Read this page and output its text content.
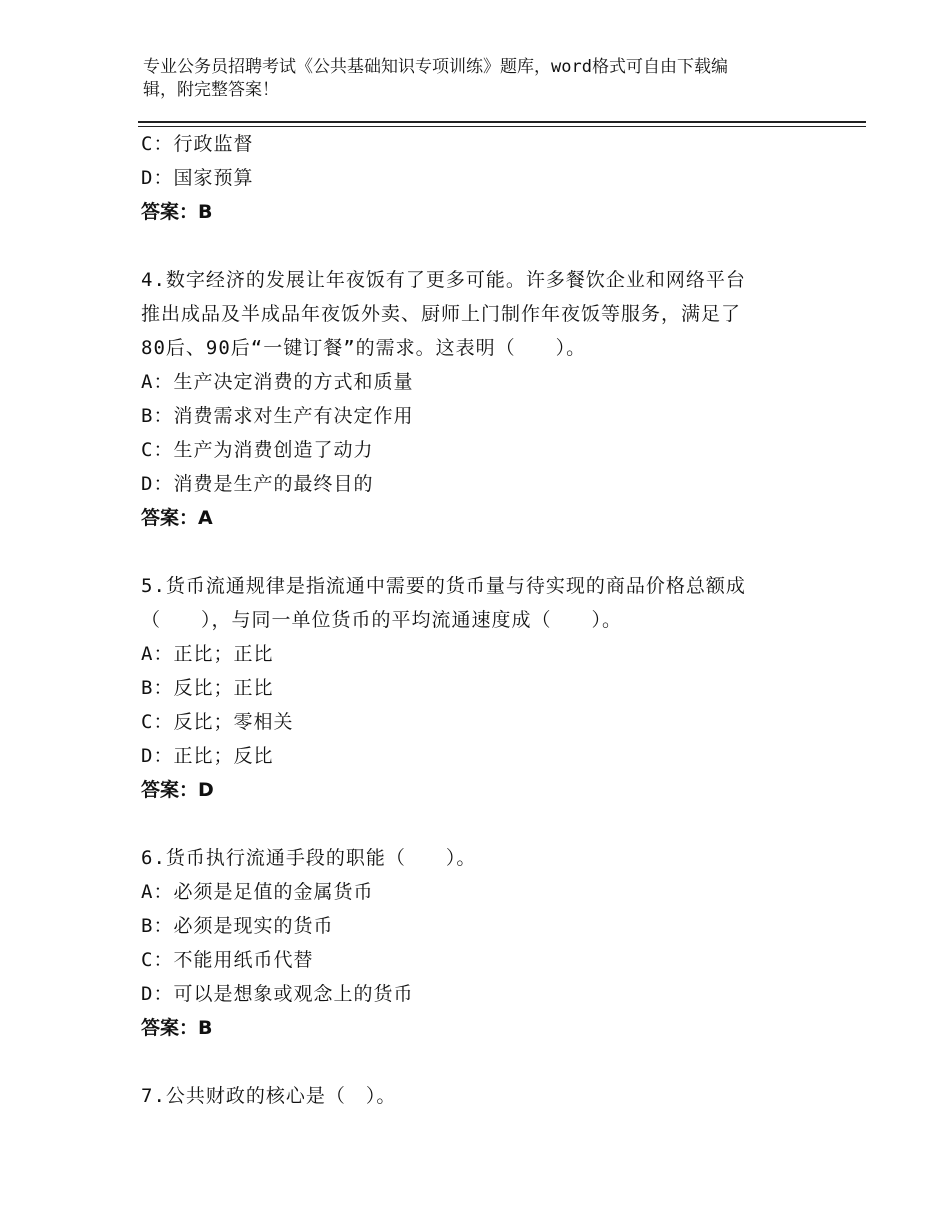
专业公务员招聘考试《公共基础知识专项训练》题库，word格式可自由下载编
辑，附完整答案！
C：行政监督
D：国家预算
答案：B
4.数字经济的发展让年夜饭有了更多可能。许多餐饮企业和网络平台
推出成品及半成品年夜饭外卖、厨师上门制作年夜饭等服务，满足了
80后、90后“一键订餐”的需求。这表明（　　）。
A：生产决定消费的方式和质量
B：消费需求对生产有决定作用
C：生产为消费创造了动力
D：消费是生产的最终目的
答案：A
5.货币流通规律是指流通中需要的货币量与待实现的商品价格总额成
（　　），与同一单位货币的平均流通速度成（　　）。
A：正比；正比
B：反比；正比
C：反比；零相关
D：正比；反比
答案：D
6.货币执行流通手段的职能（　　）。
A：必须是足值的金属货币
B：必须是现实的货币
C：不能用纸币代替
D：可以是想象或观念上的货币
答案：B
7.公共财政的核心是（　）。
